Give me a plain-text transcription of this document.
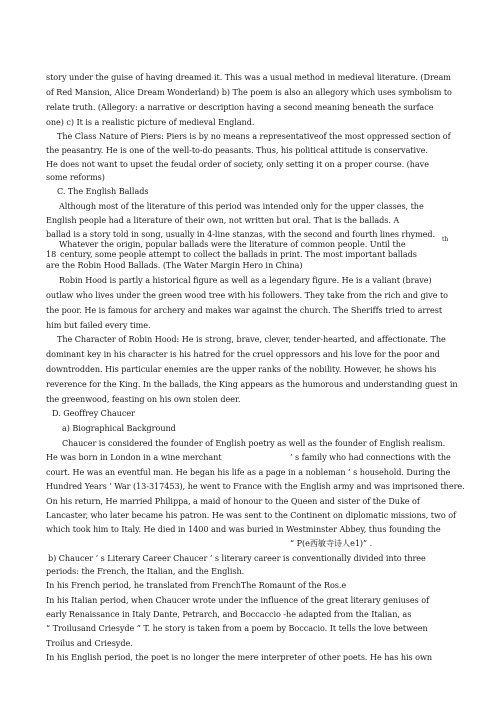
story under the guise of having dreamed it. This was a usual method in medieval literature. (Dream
of Red Mansion, Alice Dream Wonderland) b) The poem is also an allegory which uses symbolism to
relate truth. (Allegory: a narrative or description having a second meaning beneath the surface
one) c) It is a realistic picture of medieval England.
The Class Nature of Piers: Piers is by no means a representativeof the most oppressed section of
the peasantry. He is one of the well-to-do peasants. Thus, his political attitude is conservative.
He does not want to upset the feudal order of society, only setting it on a proper course. (have
some reforms)
C. The English Ballads
Although most of the literature of this period was intended only for the upper classes, the
English people had a literature of their own, not written but oral. That is the ballads. A
ballad is a story told in song, usually in 4-line stanzas, with the second and fourth lines rhymed.
Whatever the origin, popular ballads were the literature of common people. Until the	th
18 century, some people attempt to collect the ballads in print. The most important ballads
are the Robin Hood Ballads. (The Water Margin Hero in China)
Robin Hood is partly a historical figure as well as a legendary figure. He is a valiant (brave)
outlaw who lives under the green wood tree with his followers. They take from the rich and give to
the poor. He is famous for archery and makes war against the church. The Sheriffs tried to arrest
him but failed every time.
The Character of Robin Hood: He is strong, brave, clever, tender-hearted, and affectionate. The
dominant key in his character is his hatred for the cruel oppressors and his love for the poor and
downtrodden. His particular enemies are the upper ranks of the nobility. However, he shows his
reverence for the King. In the ballads, the King appears as the humorous and understanding guest in
the greenwood, feasting on his own stolen deer.
D. Geoffrey Chaucer
a) Biographical Background
Chaucer is considered the founder of English poetry as well as the founder of English realism.
He was born in London in a wine merchant	’ s family who had connections with the
court. He was an eventful man. He began his life as a page in a nobleman ’ s household. During the
Hundred Years ’ War (13-317453), he went to France with the English army and was imprisoned there.
On his return, He married Philippa, a maid of honour to the Queen and sister of the Duke of
Lancaster, who later became his patron. He was sent to the Continent on diplomatic missions, two of
which took him to Italy. He died in 1400 and was buried in Westminster Abbey, thus founding the
“ P(e西敏寺诗人e1)” .
b) Chaucer ’ s Literary Career Chaucer ’ s literary career is conventionally divided into three
periods: the French, the Italian, and the English.
In his French period, he translated from FrenchThe Romaunt of the Ros.e
In his Italian period, when Chaucer wrote under the influence of the great literary geniuses of
early Renaissance in Italy Dante, Petrarch, and Boccaccio -he adapted from the Italian, as
“ Troilusand Criesyde ” T. he story is taken from a poem by Boccacio. It tells the love between
Troilus and Criesyde.
In his English period, the poet is no longer the mere interpreter of other poets. He has his own
